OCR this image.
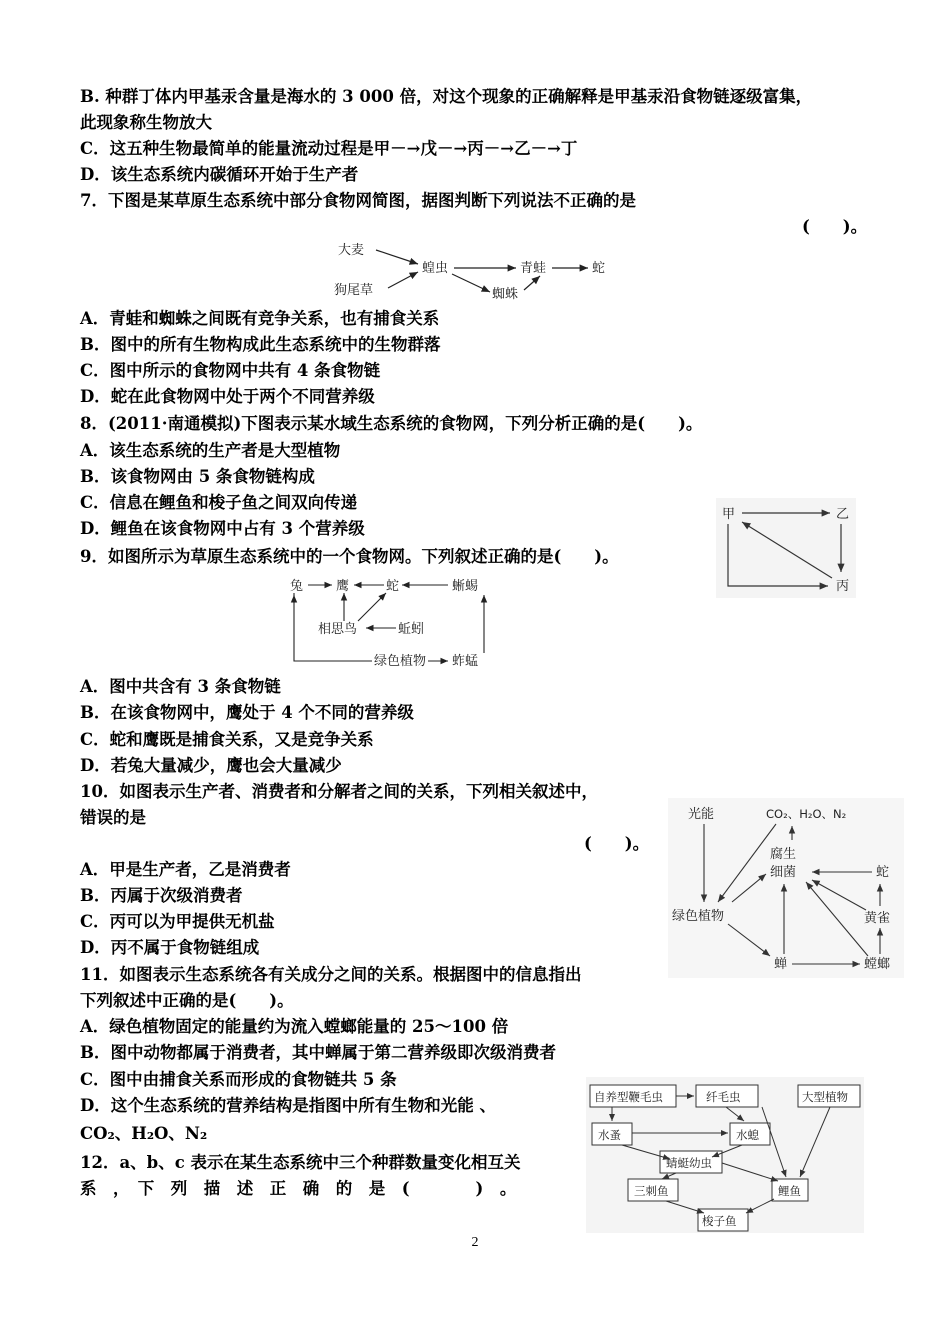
B. 种群丁体内甲基汞含量是海水的 3 000 倍，对这个现象的正确解释是甲基汞沿食物链逐级富集，
此现象称生物放大
C．这五种生物最简单的能量流动过程是甲－→戊－→丙－→乙－→丁
D．该生态系统内碳循环开始于生产者
7．下图是某草原生态系统中部分食物网简图，据图判断下列说法不正确的是
(　　)。
大麦
狗尾草
蝗虫	青蛙
蜘蛛
蛇
A．青蛙和蜘蛛之间既有竞争关系，也有捕食关系
B．图中的所有生物构成此生态系统中的生物群落
C．图中所示的食物网中共有 4 条食物链
D．蛇在此食物网中处于两个不同营养级
8．(2011·南通模拟)下图表示某水域生态系统的食物网，下列分析正确的是(　　)。
A．该生态系统的生产者是大型植物
B．该食物网由 5 条食物链构成
C．信息在鲤鱼和梭子鱼之间双向传递
D．鲤鱼在该食物网中占有 3 个营养级
甲	乙
丙
9．如图所示为草原生态系统中的一个食物网。下列叙述正确的是(　　)。
兔	鹰	蛇	蜥蜴
相思鸟	蚯蚓
绿色植物 蚱蜢
A．图中共含有 3 条食物链
B．在该食物网中，鹰处于 4 个不同的营养级
C．蛇和鹰既是捕食关系，又是竞争关系
D．若兔大量减少，鹰也会大量减少
10．如图表示生产者、消费者和分解者之间的关系，下列相关叙述中，
错误的是
(　　)。
A．甲是生产者，乙是消费者
B．丙属于次级消费者
C．丙可以为甲提供无机盐
D．丙不属于食物链组成
光能	CO₂、H₂O、N₂
腐生
细菌	蛇
黄雀
绿色植物
蝉	螳螂
11．如图表示生态系统各有关成分之间的关系。根据图中的信息指出
下列叙述中正确的是(　　)。
A．绿色植物固定的能量约为流入螳螂能量的 25～100 倍
B．图中动物都属于消费者，其中蝉属于第二营养级即次级消费者
C．图中由捕食关系而形成的食物链共 5 条
D．这个生态系统的营养结构是指图中所有生物和光能 、
CO₂、H₂O、N₂
自养型鞭毛虫	纤毛虫	大型植物
水蚤	水螅
蜻蜓幼虫
三刺鱼	鲤鱼
梭子鱼
12．a、b、c 表示在某生态系统中三个种群数量变化相互关
系　，　下　列　描　述　正　确　的　是　(　　　　)　。
2
